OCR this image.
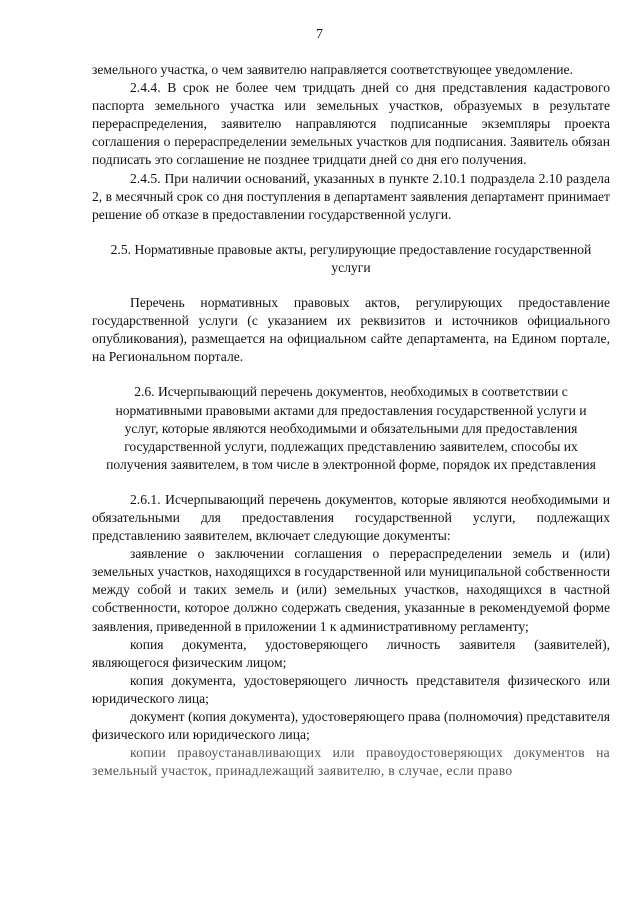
7

земельного участка, о чем заявителю направляется соответствующее уведомление.

2.4.4. В срок не более чем тридцать дней со дня представления кадастрового паспорта земельного участка или земельных участков, образуемых в результате перераспределения, заявителю направляются подписанные экземпляры проекта соглашения о перераспределении земельных участков для подписания. Заявитель обязан подписать это соглашение не позднее тридцати дней со дня его получения.

2.4.5. При наличии оснований, указанных в пункте 2.10.1 подраздела 2.10 раздела 2, в месячный срок со дня поступления в департамент заявления департамент принимает решение об отказе в предоставлении государственной услуги.

2.5. Нормативные правовые акты, регулирующие предоставление государственной услуги

Перечень нормативных правовых актов, регулирующих предоставление государственной услуги (с указанием их реквизитов и источников официального опубликования), размещается на официальном сайте департамента, на Едином портале, на Региональном портале.

2.6. Исчерпывающий перечень документов, необходимых в соответствии с нормативными правовыми актами для предоставления государственной услуги и услуг, которые являются необходимыми и обязательными для предоставления государственной услуги, подлежащих представлению заявителем, способы их получения заявителем, в том числе в электронной форме, порядок их представления

2.6.1. Исчерпывающий перечень документов, которые являются необходимыми и обязательными для предоставления государственной услуги, подлежащих представлению заявителем, включает следующие документы:

заявление о заключении соглашения о перераспределении земель и (или) земельных участков, находящихся в государственной или муниципальной собственности между собой и таких земель и (или) земельных участков, находящихся в частной собственности, которое должно содержать сведения, указанные в рекомендуемой форме заявления, приведенной в приложении 1 к административному регламенту;

копия документа, удостоверяющего личность заявителя (заявителей), являющегося физическим лицом;

копия документа, удостоверяющего личность представителя физического или юридического лица;

документ (копия документа), удостоверяющего права (полномочия) представителя физического или юридического лица;

копии правоустанавливающих или правоудостоверяющих документов на земельный участок, принадлежащий заявителю, в случае, если право
